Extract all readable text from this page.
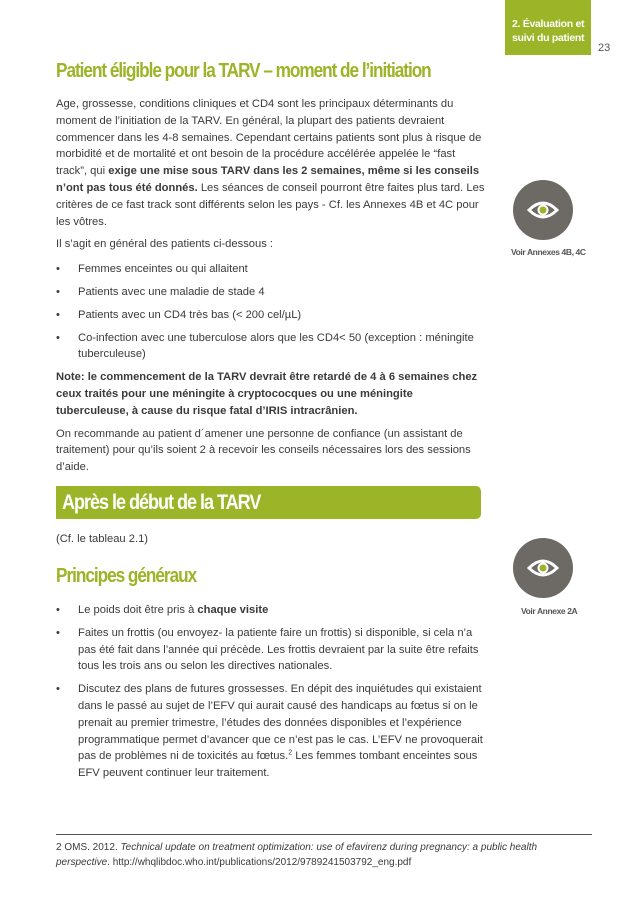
2. Évaluation et
suivi du patient
23
Patient éligible pour la TARV – moment de l’initiation

Age, grossesse, conditions cliniques et CD4 sont les principaux déterminants du moment de l’initiation de la TARV. En général, la plupart des patients devraient commencer dans les 4-8 semaines. Cependant certains patients sont plus à risque de morbidité et de mortalité et ont besoin de la procédure accélérée appelée le “fast track”, qui exige une mise sous TARV dans les 2 semaines, même si les conseils n’ont pas tous été donnés. Les séances de conseil pourront être faites plus tard. Les critères de ce fast track sont différents selon les pays - Cf. les Annexes 4B et 4C pour les vôtres.

Il s’agit en général des patients ci-dessous :

• Femmes enceintes ou qui allaitent
• Patients avec une maladie de stade 4
• Patients avec un CD4 très bas (< 200 cel/µL)
• Co-infection avec une tuberculose alors que les CD4< 50 (exception : méningite tuberculeuse)

Note: le commencement de la TARV devrait être retardé de 4 à 6 semaines chez ceux traités pour une méningite à cryptococques ou une méningite tuberculeuse, à cause du risque fatal d’IRIS intracrânien.

On recommande au patient d´amener une personne de confiance (un assistant de traitement) pour qu’ils soient 2 à recevoir les conseils nécessaires lors des sessions d’aide.

Voir Annexes 4B, 4C
Après le début de la TARV
(Cf. le tableau 2.1)
Principes généraux
• Le poids doit être pris à chaque visite
• Faites un frottis (ou envoyez- la patiente faire un frottis) si disponible, si cela n’a pas été fait dans l’année qui précède. Les frottis devraient par la suite être refaits tous les trois ans ou selon les directives nationales.
• Discutez des plans de futures grossesses. En dépit des inquiétudes qui existaient dans le passé au sujet de l’EFV qui aurait causé des handicaps au fœtus si on le prenait au premier trimestre, l’études des données disponibles et l’expérience programmatique permet d’avancer que ce n’est pas le cas. L’EFV ne provoquerait pas de problèmes ni de toxicités au fœtus.$^2$ Les femmes tombant enceintes sous EFV peuvent continuer leur traitement.
Voir Annexe 2A
2 OMS. 2012. Technical update on treatment optimization: use of efavirenz during pregnancy: a public health perspective. http://whqlibdoc.who.int/publications/2012/9789241503792_eng.pdf
